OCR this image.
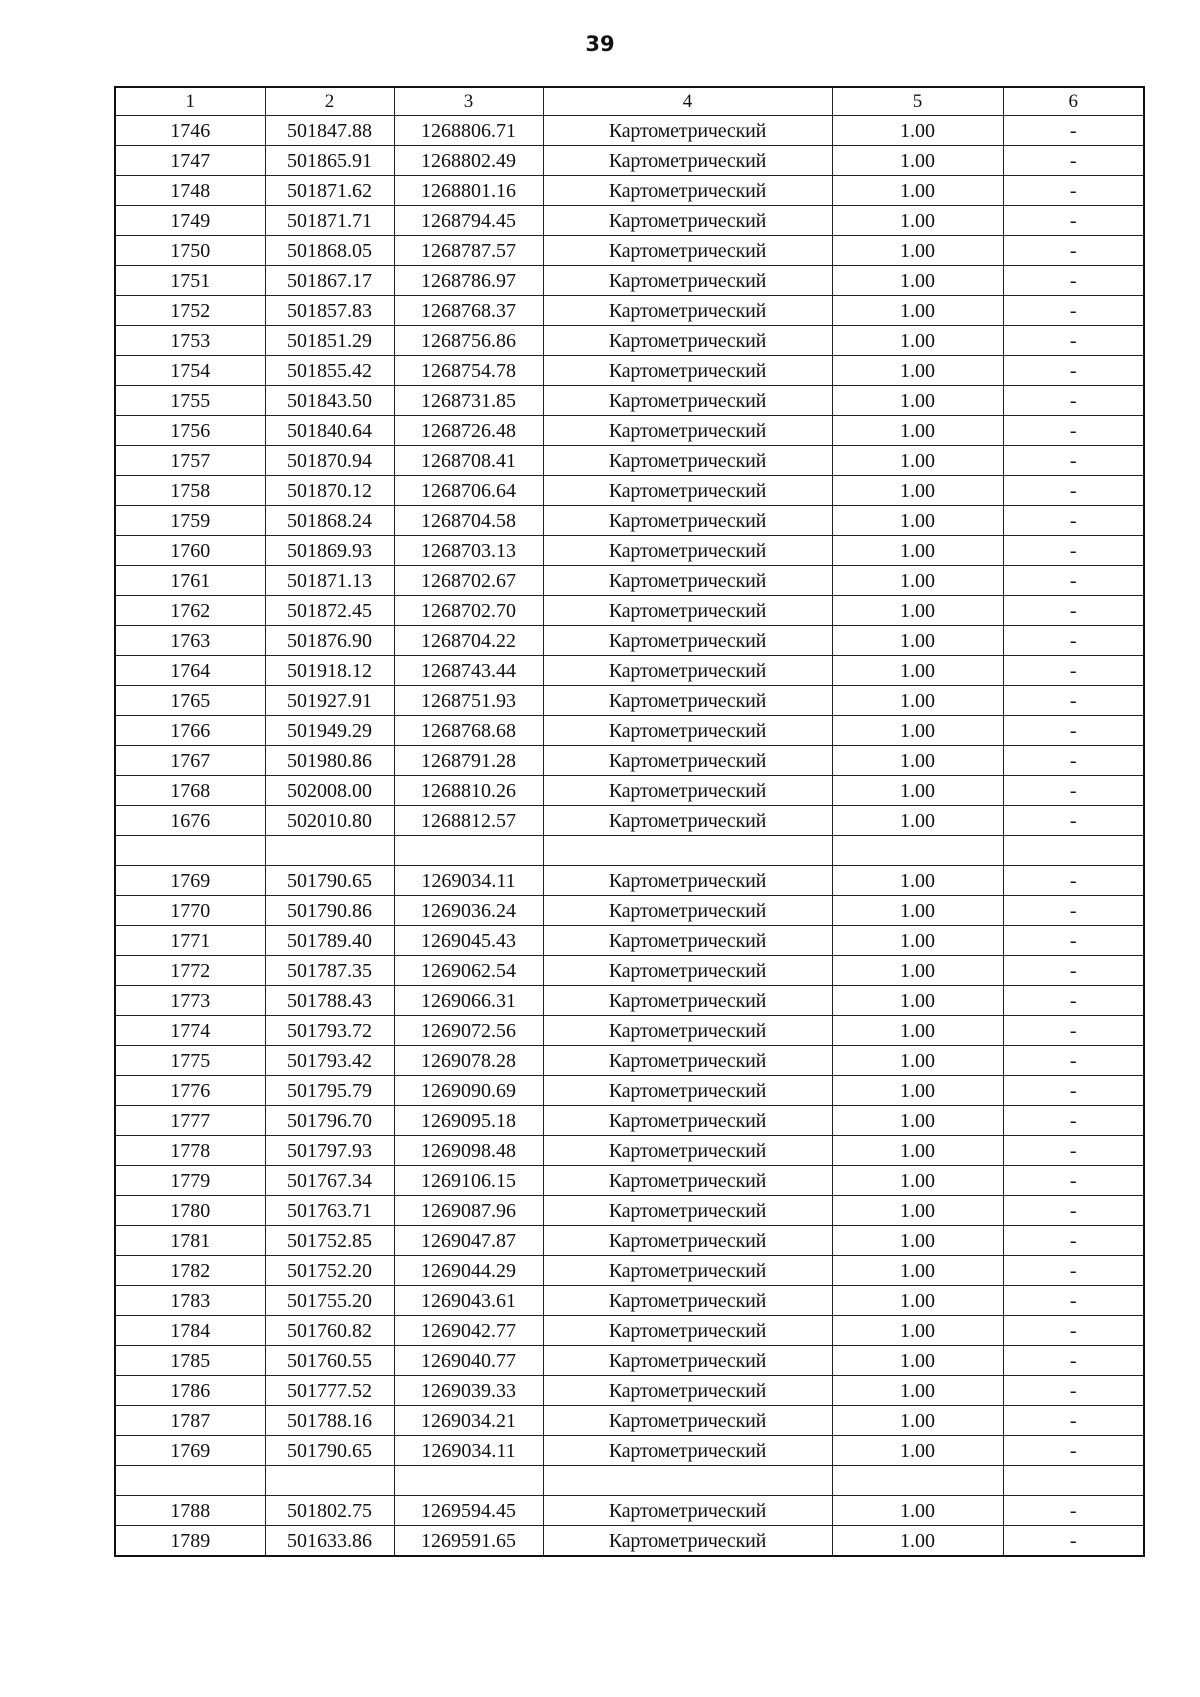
39
1	2	3	4	5	6
1746	501847.88	1268806.71	Картометрический	1.00	-
1747	501865.91	1268802.49	Картометрический	1.00	-
1748	501871.62	1268801.16	Картометрический	1.00	-
1749	501871.71	1268794.45	Картометрический	1.00	-
1750	501868.05	1268787.57	Картометрический	1.00	-
1751	501867.17	1268786.97	Картометрический	1.00	-
1752	501857.83	1268768.37	Картометрический	1.00	-
1753	501851.29	1268756.86	Картометрический	1.00	-
1754	501855.42	1268754.78	Картометрический	1.00	-
1755	501843.50	1268731.85	Картометрический	1.00	-
1756	501840.64	1268726.48	Картометрический	1.00	-
1757	501870.94	1268708.41	Картометрический	1.00	-
1758	501870.12	1268706.64	Картометрический	1.00	-
1759	501868.24	1268704.58	Картометрический	1.00	-
1760	501869.93	1268703.13	Картометрический	1.00	-
1761	501871.13	1268702.67	Картометрический	1.00	-
1762	501872.45	1268702.70	Картометрический	1.00	-
1763	501876.90	1268704.22	Картометрический	1.00	-
1764	501918.12	1268743.44	Картометрический	1.00	-
1765	501927.91	1268751.93	Картометрический	1.00	-
1766	501949.29	1268768.68	Картометрический	1.00	-
1767	501980.86	1268791.28	Картометрический	1.00	-
1768	502008.00	1268810.26	Картометрический	1.00	-
1676	502010.80	1268812.57	Картометрический	1.00	-

1769	501790.65	1269034.11	Картометрический	1.00	-
1770	501790.86	1269036.24	Картометрический	1.00	-
1771	501789.40	1269045.43	Картометрический	1.00	-
1772	501787.35	1269062.54	Картометрический	1.00	-
1773	501788.43	1269066.31	Картометрический	1.00	-
1774	501793.72	1269072.56	Картометрический	1.00	-
1775	501793.42	1269078.28	Картометрический	1.00	-
1776	501795.79	1269090.69	Картометрический	1.00	-
1777	501796.70	1269095.18	Картометрический	1.00	-
1778	501797.93	1269098.48	Картометрический	1.00	-
1779	501767.34	1269106.15	Картометрический	1.00	-
1780	501763.71	1269087.96	Картометрический	1.00	-
1781	501752.85	1269047.87	Картометрический	1.00	-
1782	501752.20	1269044.29	Картометрический	1.00	-
1783	501755.20	1269043.61	Картометрический	1.00	-
1784	501760.82	1269042.77	Картометрический	1.00	-
1785	501760.55	1269040.77	Картометрический	1.00	-
1786	501777.52	1269039.33	Картометрический	1.00	-
1787	501788.16	1269034.21	Картометрический	1.00	-
1769	501790.65	1269034.11	Картометрический	1.00	-

1788	501802.75	1269594.45	Картометрический	1.00	-
1789	501633.86	1269591.65	Картометрический	1.00	-
